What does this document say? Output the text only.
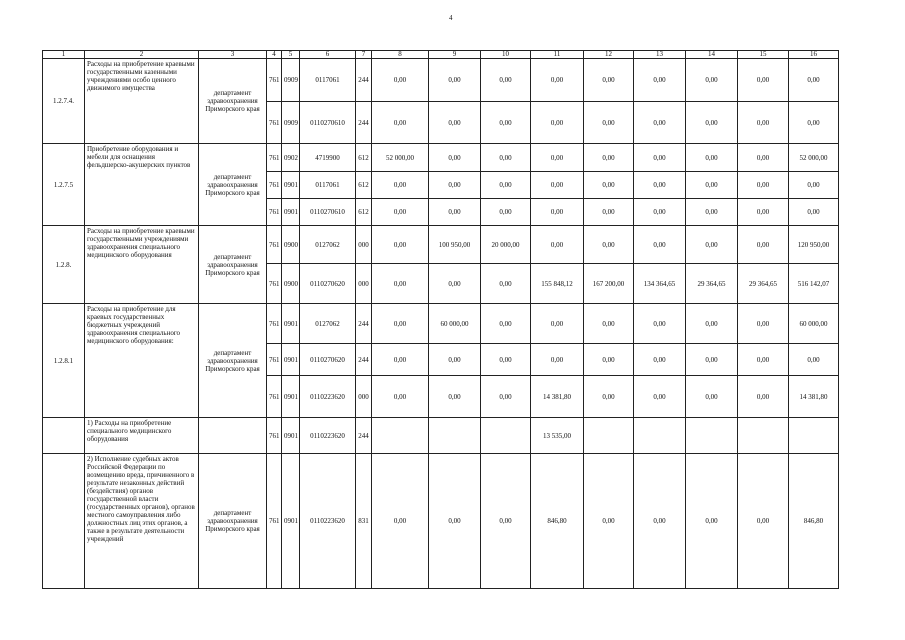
4
1	2	3	4	5	6	7	8	9	10	11	12	13	14	15	16
1.2.7.4.	Расходы на приобретение краевыми государственными казенными учреждениями особо ценного движимого имущества	департамент здравоохранения Приморского края	761	0909	0117061	244	0,00	0,00	0,00	0,00	0,00	0,00	0,00	0,00	0,00
			761	0909	0110270610	244	0,00	0,00	0,00	0,00	0,00	0,00	0,00	0,00	0,00
1.2.7.5	Приобретение оборудования и мебели для оснащения фельдшерско-акушерских пунктов	департамент здравоохранения Приморского края	761	0902	4719900	612	52 000,00	0,00	0,00	0,00	0,00	0,00	0,00	0,00	52 000,00
			761	0901	0117061	612	0,00	0,00	0,00	0,00	0,00	0,00	0,00	0,00	0,00
			761	0901	0110270610	612	0,00	0,00	0,00	0,00	0,00	0,00	0,00	0,00	0,00
1.2.8.	Расходы на приобретение краевыми государственными учреждениями здравоохранения специального медицинского оборудования	департамент здравоохранения Приморского края	761	0900	0127062	000	0,00	100 950,00	20 000,00	0,00	0,00	0,00	0,00	0,00	120 950,00
			761	0900	0110270620	000	0,00	0,00	0,00	155 848,12	167 200,00	134 364,65	29 364,65	29 364,65	516 142,07
1.2.8.1	Расходы на приобретение для краевых государственных бюджетных учреждений здравоохранения специального медицинского оборудования:	департамент здравоохранения Приморского края	761	0901	0127062	244	0,00	60 000,00	0,00	0,00	0,00	0,00	0,00	0,00	60 000,00
			761	0901	0110270620	244	0,00	0,00	0,00	0,00	0,00	0,00	0,00	0,00	0,00
			761	0901	0110223620	000	0,00	0,00	0,00	14 381,80	0,00	0,00	0,00	0,00	14 381,80
	1) Расходы на приобретение специального медицинского оборудования		761	0901	0110223620	244				13 535,00					
	2) Исполнение судебных актов Российской Федерации по возмещению вреда, причиненного в результате незаконных действий (бездействия) органов государственной власти (государственных органов), органов местного самоуправления либо должностных лиц этих органов, а также в результате деятельности учреждений	департамент здравоохранения Приморского края	761	0901	0110223620	831	0,00	0,00	0,00	846,80	0,00	0,00	0,00	0,00	846,80
